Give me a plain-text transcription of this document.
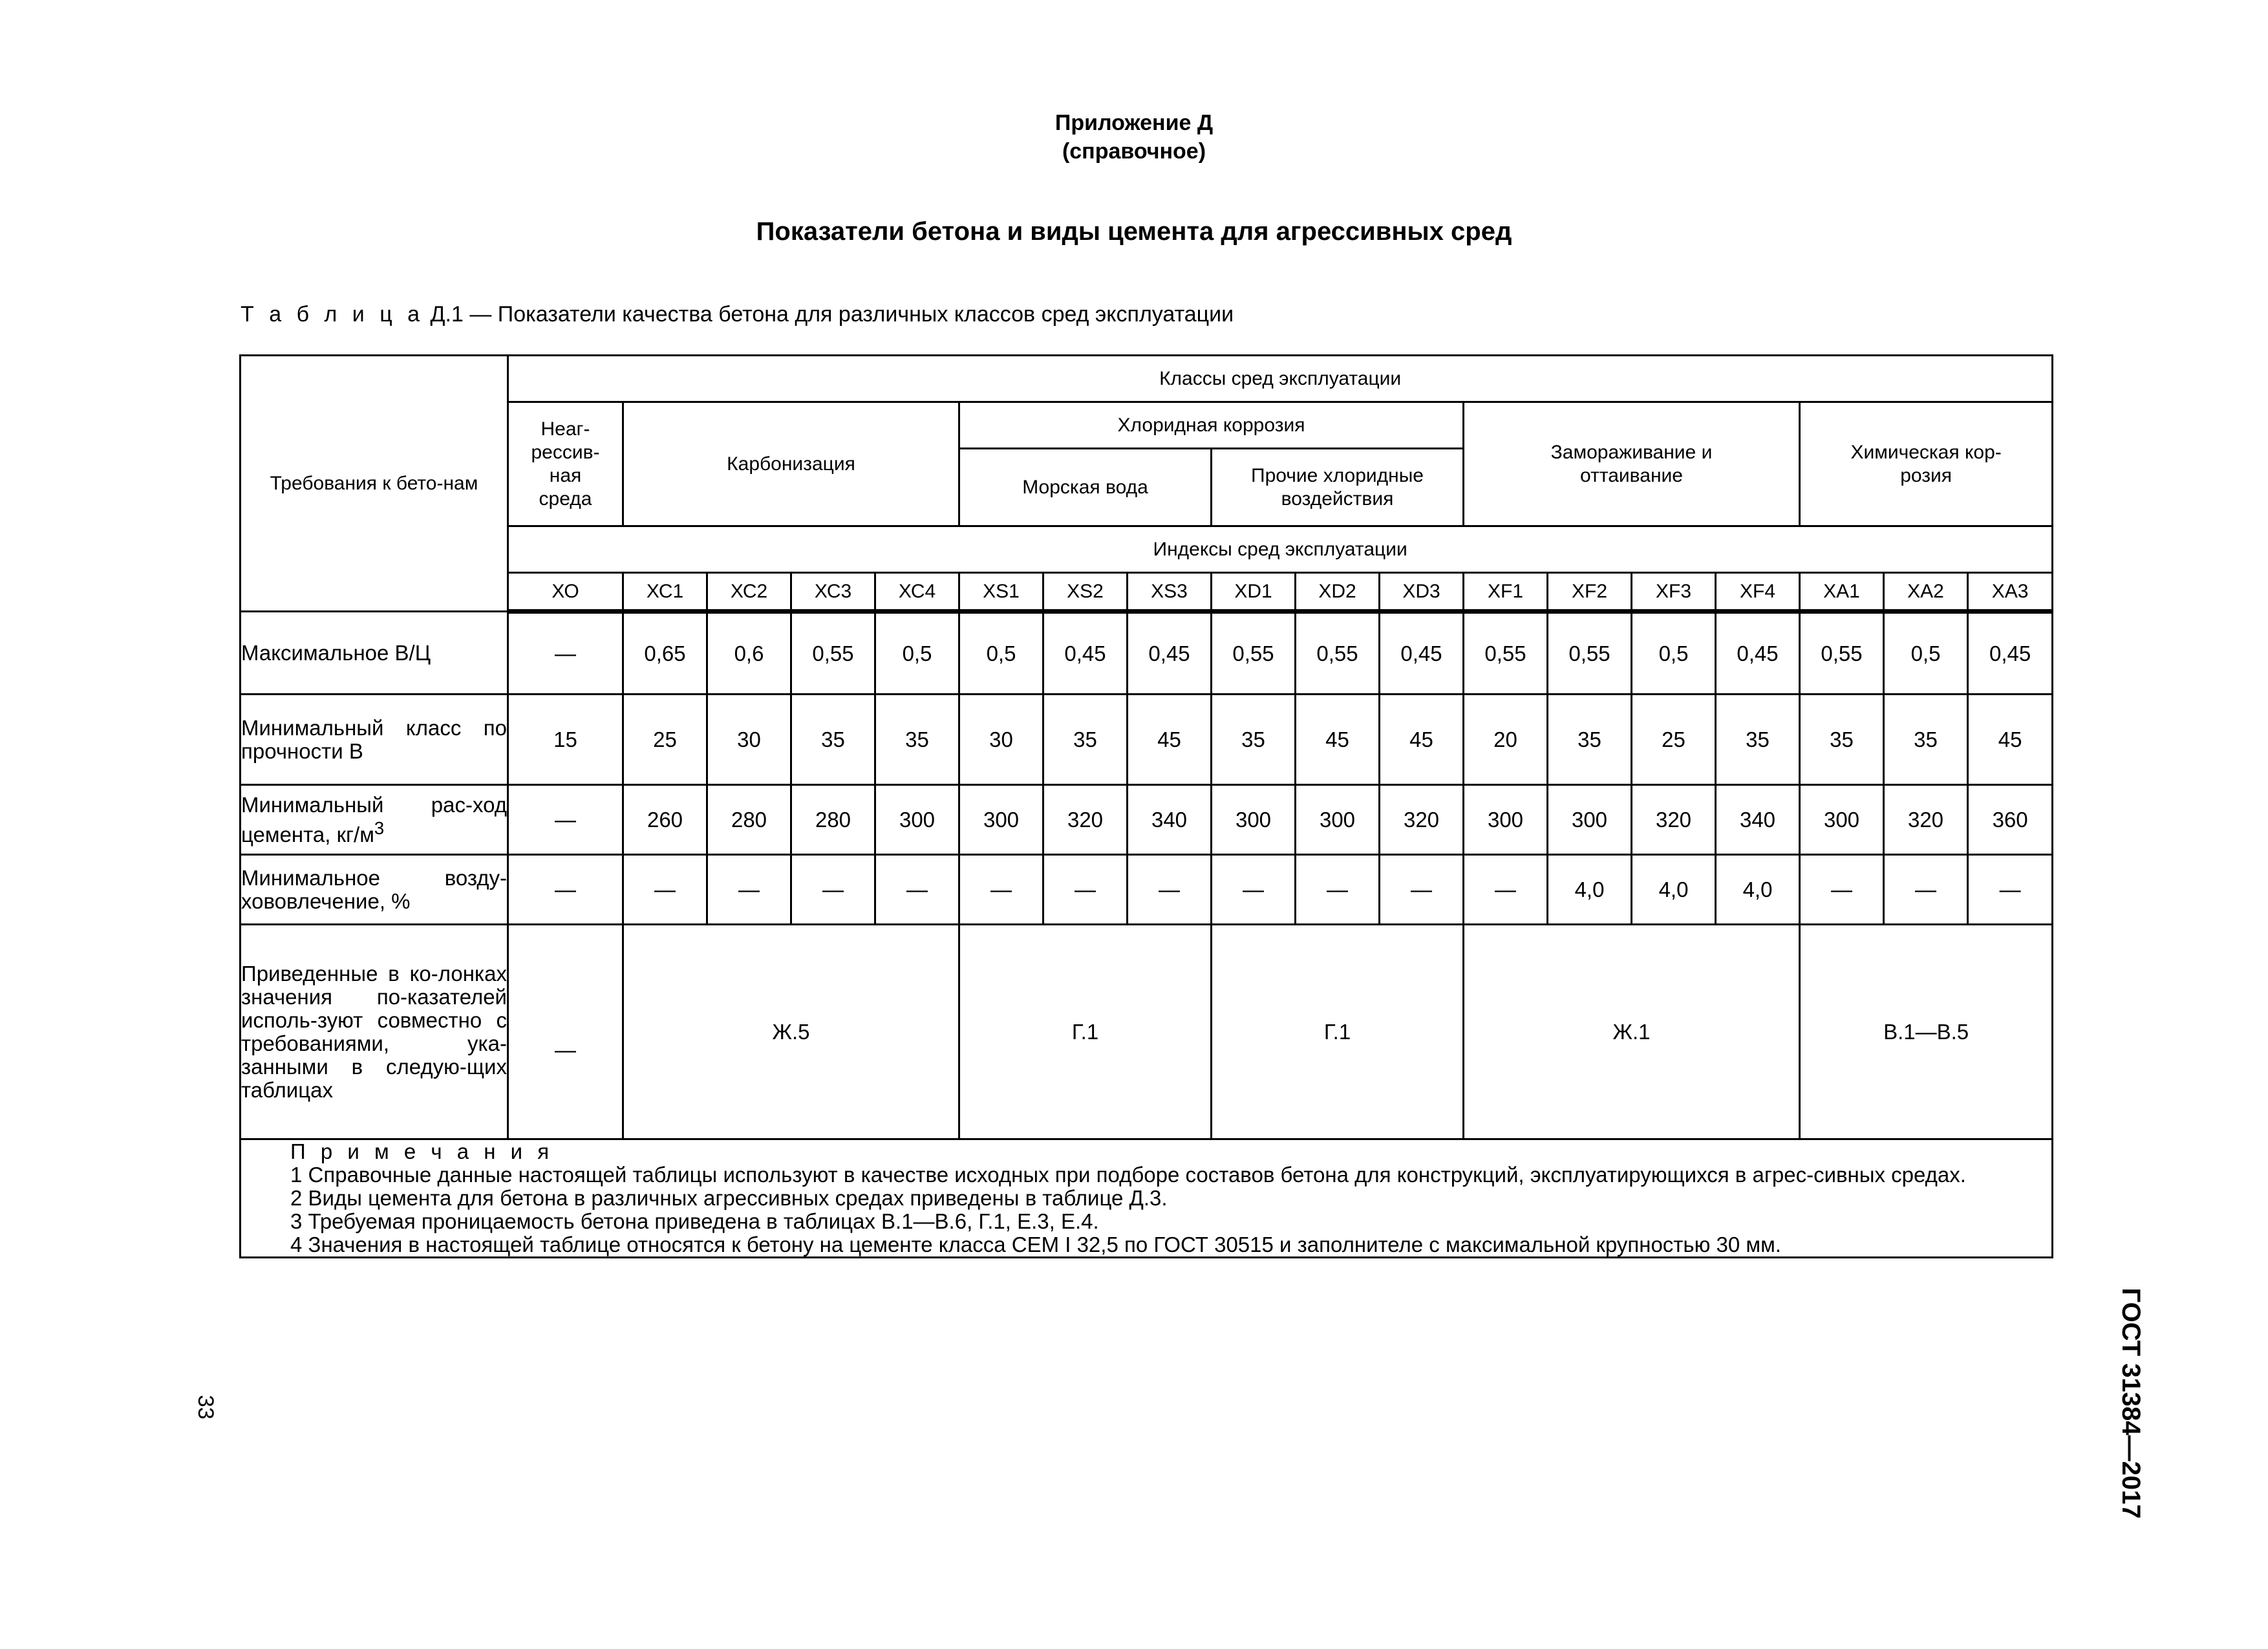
Приложение Д
(справочное)
Показатели бетона и виды цемента для агрессивных сред
Т а б л и ц а Д.1 — Показатели качества бетона для различных классов сред эксплуатации
Требования к бето-нам	Классы сред эксплуатации																	
	Неаг-рессив-ная среда	Карбонизация				Хлоридная коррозия						Замораживание и оттаивание				Химическая кор-розия		
						Морская вода			Прочие хлоридные воздействия									
	Индексы сред эксплуатации																	
	ХО	ХС1	ХС2	ХС3	ХС4	XS1	XS2	XS3	XD1	XD2	XD3	XF1	XF2	XF3	XF4	ХА1	ХА2	ХА3
Максимальное В/Ц	—	0,65	0,6	0,55	0,5	0,5	0,45	0,45	0,55	0,55	0,45	0,55	0,55	0,5	0,45	0,55	0,5	0,45
Минимальный класс по прочности В	15	25	30	35	35	30	35	45	35	45	45	20	35	25	35	35	35	45
Минимальный рас-ход цемента, $кг/м^3$	—	260	280	280	300	300	320	340	300	300	320	300	300	320	340	300	320	360
Минимальное возду-хововлечение, %	—	—	—	—	—	—	—	—	—	—	—	—	4,0	4,0	4,0	—	—	—
Приведенные в ко-лонках значения по-казателей исполь-зуют совместно с требованиями, ука-занными в следую-щих таблицах	—	Ж.5				Г.1			Г.1			Ж.1				В.1—В.5		

П р и м е ч а н и я

1 Справочные данные настоящей таблицы используют в качестве исходных при подборе составов бетона для конструкций, эксплуатирующихся в агрес-сивных средах.

2 Виды цемента для бетона в различных агрессивных средах приведены в таблице Д.3.

3 Требуемая проницаемость бетона приведена в таблицах В.1—В.6, Г.1, Е.3, Е.4.

4 Значения в настоящей таблице относятся к бетону на цементе класса CEM I 32,5 по ГОСТ 30515 и заполнителе с максимальной крупностью 30 мм.																		

ГОСТ 31384—2017
33
